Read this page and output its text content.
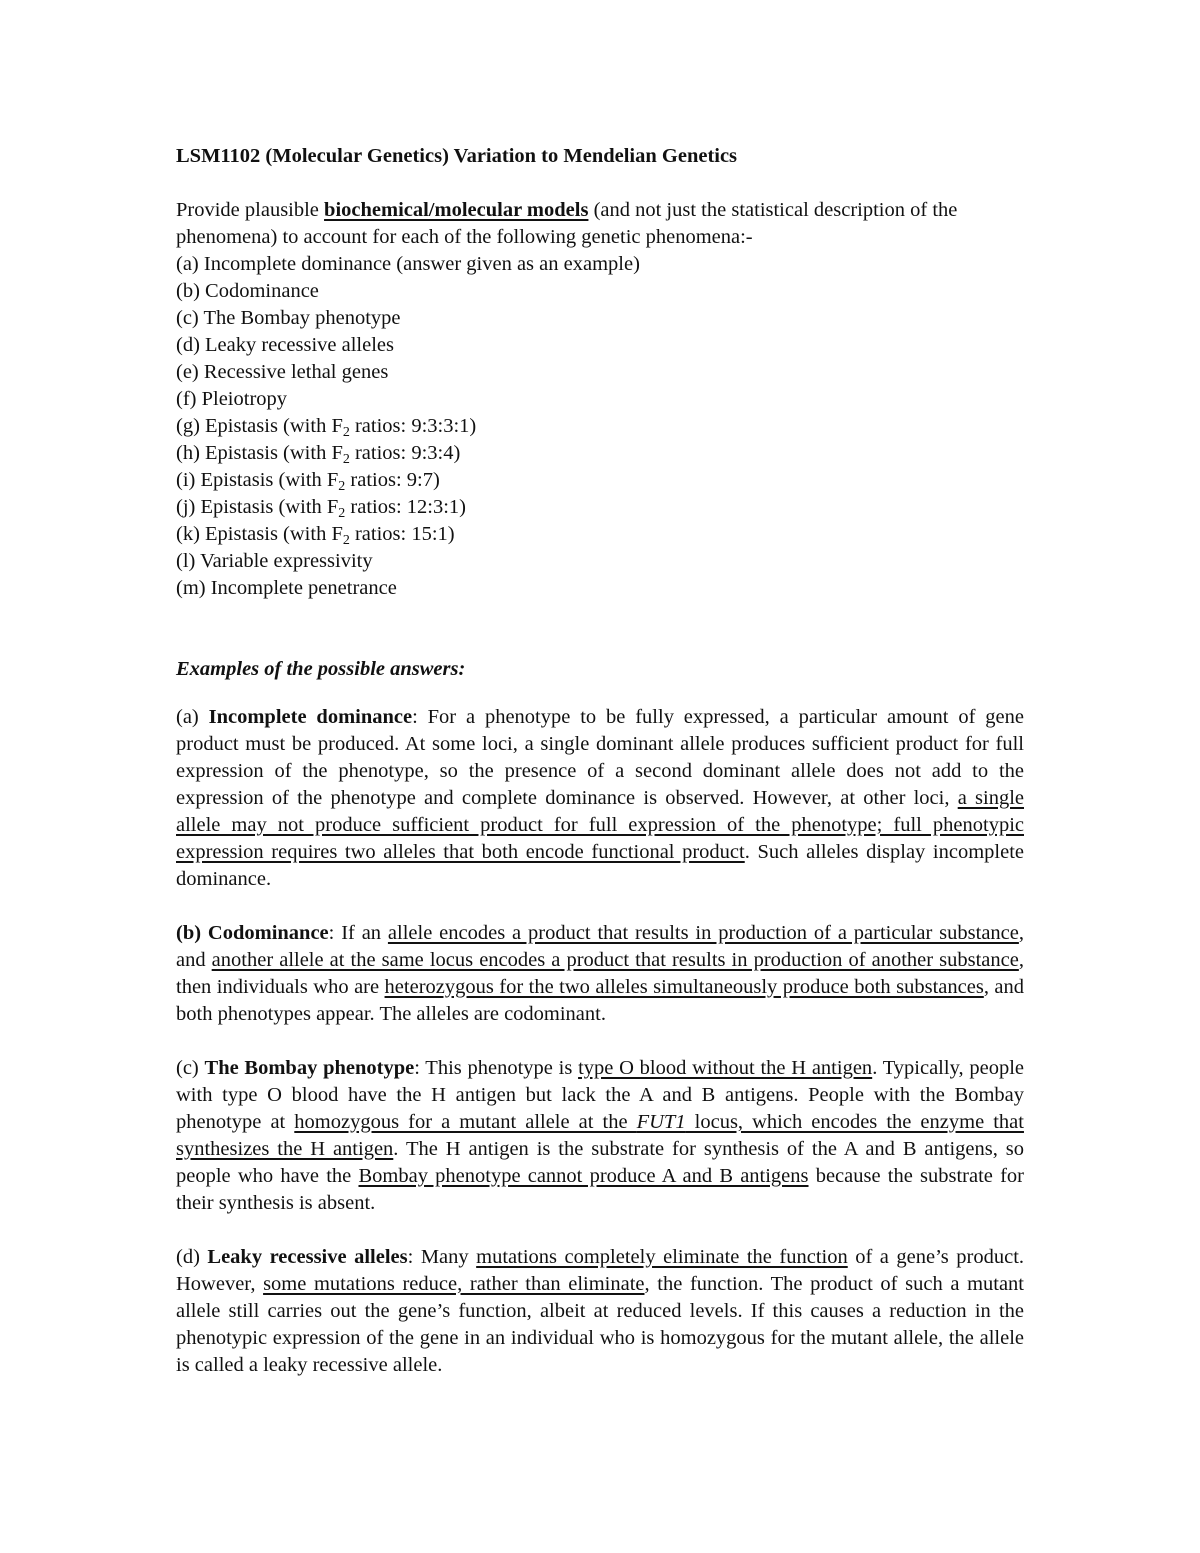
LSM1102 (Molecular Genetics) Variation to Mendelian Genetics

Provide plausible biochemical/molecular models (and not just the statistical description of the phenomena) to account for each of the following genetic phenomena:-

(a) Incomplete dominance (answer given as an example)
(b) Codominance
(c) The Bombay phenotype
(d) Leaky recessive alleles
(e) Recessive lethal genes
(f) Pleiotropy
(g) Epistasis (with $F_2$ ratios: 9:3:3:1)
(h) Epistasis (with $F_2$ ratios: 9:3:4)
(i) Epistasis (with $F_2$ ratios: 9:7)
(j) Epistasis (with $F_2$ ratios: 12:3:1)
(k) Epistasis (with $F_2$ ratios: 15:1)
(l) Variable expressivity
(m) Incomplete penetrance

Examples of the possible answers:

(a) Incomplete dominance: For a phenotype to be fully expressed, a particular amount of gene product must be produced. At some loci, a single dominant allele produces sufficient product for full expression of the phenotype, so the presence of a second dominant allele does not add to the expression of the phenotype and complete dominance is observed. However, at other loci, a single allele may not produce sufficient product for full expression of the phenotype; full phenotypic expression requires two alleles that both encode functional product. Such alleles display incomplete dominance.

(b) Codominance: If an allele encodes a product that results in production of a particular substance, and another allele at the same locus encodes a product that results in production of another substance, then individuals who are heterozygous for the two alleles simultaneously produce both substances, and both phenotypes appear. The alleles are codominant.

(c) The Bombay phenotype: This phenotype is type O blood without the H antigen. Typically, people with type O blood have the H antigen but lack the A and B antigens. People with the Bombay phenotype at homozygous for a mutant allele at the FUT1 locus, which encodes the enzyme that synthesizes the H antigen. The H antigen is the substrate for synthesis of the A and B antigens, so people who have the Bombay phenotype cannot produce A and B antigens because the substrate for their synthesis is absent.

(d) Leaky recessive alleles: Many mutations completely eliminate the function of a gene’s product. However, some mutations reduce, rather than eliminate, the function. The product of such a mutant allele still carries out the gene’s function, albeit at reduced levels. If this causes a reduction in the phenotypic expression of the gene in an individual who is homozygous for the mutant allele, the allele is called a leaky recessive allele.
